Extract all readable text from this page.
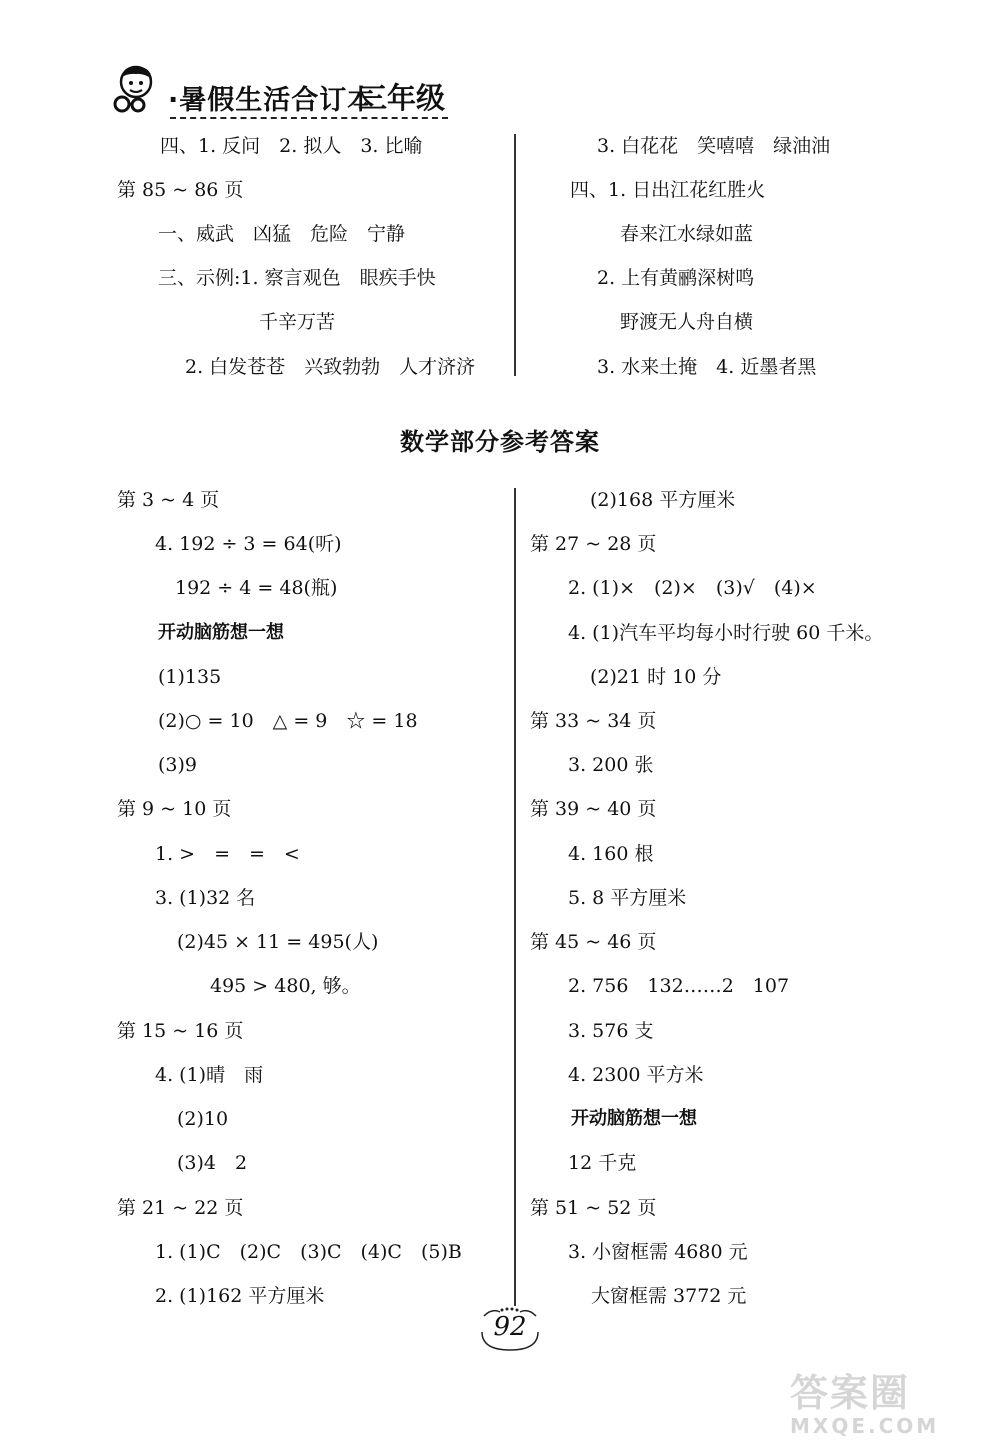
·暑假生活合订本
三年级
四、1. 反问　2. 拟人　3. 比喻
第 85 ~ 86 页
一、威武　凶猛　危险　宁静
三、示例:1. 察言观色　眼疾手快
千辛万苦
2. 白发苍苍　兴致勃勃　人才济济
3. 白花花　笑嘻嘻　绿油油
四、1. 日出江花红胜火
春来江水绿如蓝
2. 上有黄鹂深树鸣
野渡无人舟自横
3. 水来土掩　4. 近墨者黑
数学部分参考答案
第 3 ~ 4 页
4. 192 ÷ 3 = 64(听)
192 ÷ 4 = 48(瓶)
开动脑筋想一想
(1)135
(2)○ = 10　△ = 9　☆ = 18
(3)9
第 9 ~ 10 页
1. >　=　=　<
3. (1)32 名
(2)45 × 11 = 495(人)
495 > 480, 够。
第 15 ~ 16 页
4. (1)晴　雨
(2)10
(3)4　2
第 21 ~ 22 页
1. (1)C　(2)C　(3)C　(4)C　(5)B
2. (1)162 平方厘米
(2)168 平方厘米
第 27 ~ 28 页
2. (1)×　(2)×　(3)√　(4)×
4. (1)汽车平均每小时行驶 60 千米。
(2)21 时 10 分
第 33 ~ 34 页
3. 200 张
第 39 ~ 40 页
4. 160 根
5. 8 平方厘米
第 45 ~ 46 页
2. 756　132……2　107
3. 576 支
4. 2300 平方米
开动脑筋想一想
12 千克
第 51 ~ 52 页
3. 小窗框需 4680 元
大窗框需 3772 元
92
答案圈
MXQE.COM
